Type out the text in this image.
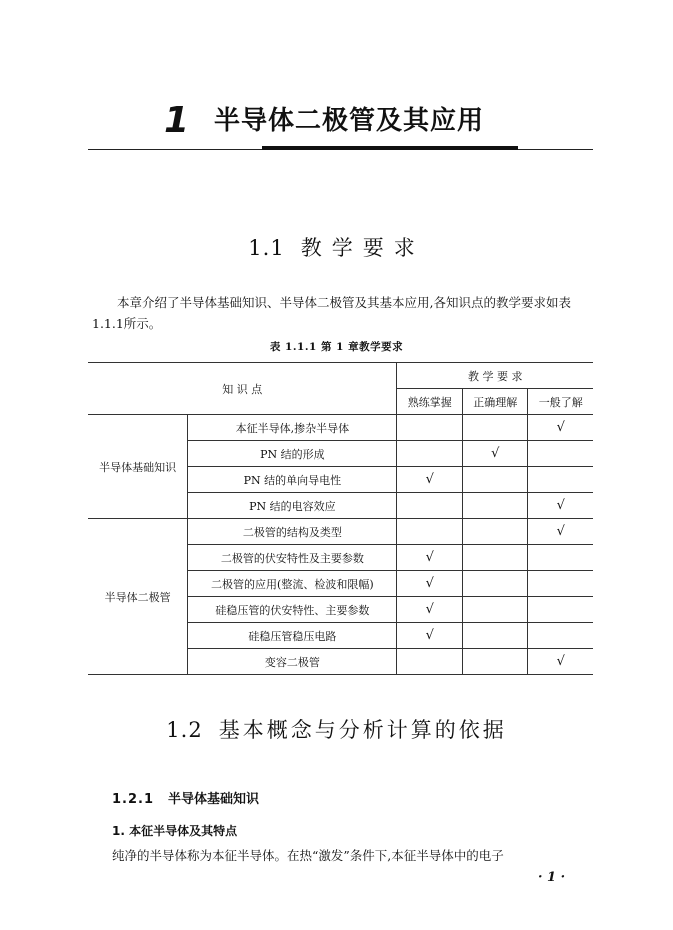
1 半导体二极管及其应用
1.1 教学要求
本章介绍了半导体基础知识、半导体二极管及其基本应用,各知识点的教学要求如表1.1.1所示。
表 1.1.1 第 1 章教学要求
知 识 点		教 学 要 求		
		熟练掌握	正确理解	一般了解
半导体基础知识	本征半导体,掺杂半导体			√
	PN 结的形成		√	
	PN 结的单向导电性	√		
	PN 结的电容效应			√
半导体二极管	二极管的结构及类型			√
	二极管的伏安特性及主要参数	√		
	二极管的应用(整流、检波和限幅)	√		
	硅稳压管的伏安特性、主要参数	√		
	硅稳压管稳压电路	√		
	变容二极管			√
1.2 基本概念与分析计算的依据
1.2.1 半导体基础知识
1. 本征半导体及其特点
纯净的半导体称为本征半导体。在热“激发”条件下,本征半导体中的电子
· 1 ·
